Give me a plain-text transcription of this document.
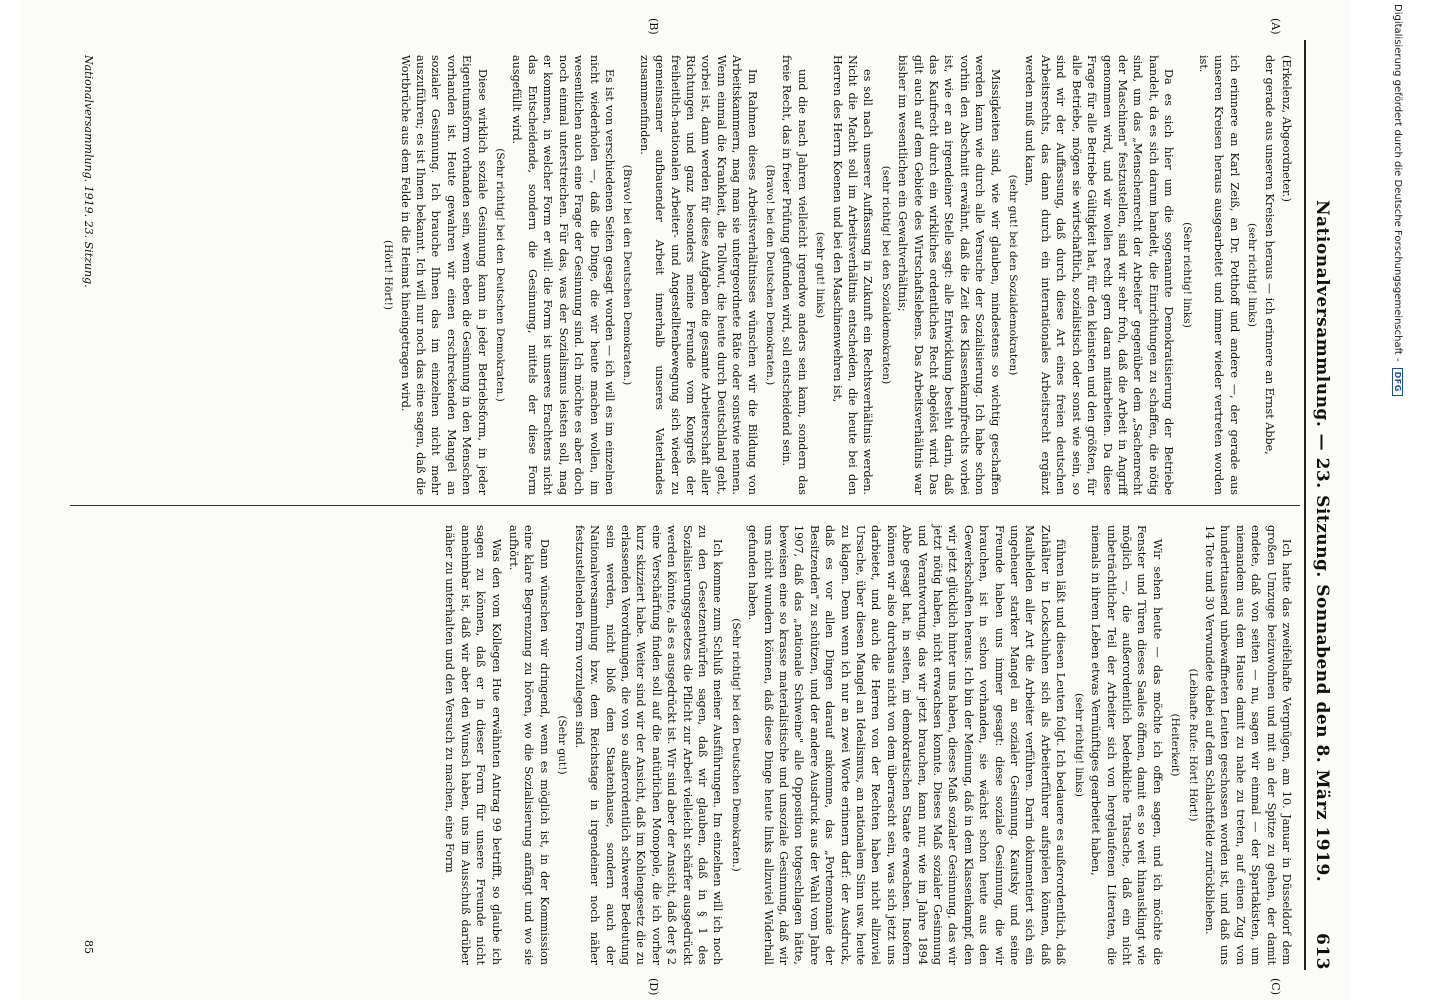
Nationalversammlung. — 23. Sitzung. Sonnabend den 8. März 1919.
613
(A)
(B)
(C)
(D)

(Erkelenz, Abgeordneter.)

der gerade aus unseren Kreisen heraus — ich erinnere an Ernst Abbe,

(sehr richtig! links)

ich erinnere an Karl Zeiß, an Dr. Potthoff und andere —, der gerade aus unseren Kreisen heraus ausgearbeitet und immer wieder vertreten worden ist.

(Sehr richtig! links)

Da es sich hier um die sogenannte Demokratisierung der Betriebe handelt, da es sich darum handelt, die Einrichtungen zu schaffen, die nötig sind, um das „Menschenrecht der Arbeiter" gegenüber dem „Sachenrecht der Maschinen" festzustellen, sind wir sehr froh, daß die Arbeit in Angriff genommen wird, und wir wollen recht gern daran mitarbeiten. Da diese Frage für alle Betriebe Gültigkeit hat, für den kleinsten und den größten, für alle Betriebe, mögen sie wirtschaftlich, sozialistisch oder sonst wie sein, so sind wir der Auffassung, daß durch diese Art eines freien deutschen Arbeitsrechts, das dann durch ein internationales Arbeitsrecht ergänzt werden muß und kann,

(sehr gut! bei den Sozialdemokraten)

Missigkeiten sind, wie wir glauben, mindestens so wichtig geschaffen werden kann wie durch alle Versuche der Sozialisierung. Ich habe schon vorhin den Abschnitt erwähnt, daß die Zeit des Klassenkampfrechts vorbei ist, wie er an irgendeiner Stelle sagt: alle Entwicklung besteht darin, daß das Kaufrecht durch ein wirkliches ordentliches Recht abgelöst wird. Das gilt auch auf dem Gebiete des Wirtschaftslebens. Das Arbeitsverhältnis war bisher im wesentlichen ein Gewaltverhältnis;

(sehr richtig! bei den Sozialdemokraten)

es soll nach unserer Auffassung in Zukunft ein Rechtsverhältnis werden. Nicht die Macht soll im Arbeitsverhältnis entscheiden, die heute bei den Herren des Herrn Koenen und bei den Maschinenwehren ist,

(sehr gut! links)

und die nach Jahren vielleicht irgendwo anders sein kann, sondern das freie Recht, das in freier Prüfung gefunden wird, soll entscheidend sein.

(Bravo! bei den Deutschen Demokraten.)

Im Rahmen dieses Arbeitsverhältnisses wünschen wir die Bildung von Arbeitskammern, mag man sie untergeordnete Räte oder sonstwie nennen. Wenn einmal die Krankheit, die Tollwut, die heute durch Deutschland geht, vorbei ist, dann werden für diese Aufgaben die gesamte Arbeiterschaft aller Richtungen und ganz besonders meine Freunde vom Kongreß der freiheitlich-nationalen Arbeiter- und Angestelltenbewegung sich wieder zu gemeinsamer aufbauender Arbeit innerhalb unseres Vaterlandes zusammenfinden.

(Bravo! bei den Deutschen Demokraten.)

Es ist von verschiedenen Seiten gesagt worden — ich will es im einzelnen nicht wiederholen —, daß die Dinge, die wir heute machen wollen, im wesentlichen auch eine Frage der Gesinnung sind. Ich möchte es aber doch noch einmal unterstreichen. Für das, was der Sozialismus leisten soll, mag er kommen, in welcher Form er will: die Form ist unseres Erachtens nicht das Entscheidende, sondern die Gesinnung, mittels der diese Form ausgefüllt wird.

(Sehr richtig! bei den Deutschen Demokraten.)

Diese wirklich soziale Gesinnung kann in jeder Betriebsform, in jeder Eigentumsform vorhanden sein, wenn eben die Gesinnung in den Menschen vorhanden ist. Heute gewahren wir einen erschreckenden Mangel an sozialer Gesinnung. Ich brauche Ihnen das im einzelnen nicht mehr auszuführen; es ist Ihnen bekannt. Ich will nur noch das eine sagen, daß die Wortbrüche aus dem Felde in die Heimat hineingetragen wird.

(Hört! Hört!)

Ich hatte das zweifelhafte Vergnügen, am 10. Januar in Düsseldorf dem großen Umzuge beizuwohnen und mit an der Spitze zu gehen, der damit endete, daß von seiten — nu, sagen wir einmal — der Spartakisten, um niemandem aus dem Hause damit zu nahe zu treten, auf einen Zug von hunderttausend unbewaffneten Leuten geschossen worden ist, und daß uns 14 Tote und 30 Verwundete dabei auf dem Schlachtfelde zurückblieben.

(Lebhafte Rufe: Hört! Hört!)

(Heiterkeit)

Wir sehen heute — das möchte ich offen sagen, und ich möchte die Fenster und Türen dieses Saales öffnen, damit es so weit hinausklingt wie möglich —, die außerordentlich bedenkliche Tatsache, daß ein nicht unbeträchtlicher Teil der Arbeiter sich von hergelaufenen Literaten, die niemals in ihrem Leben etwas Vernünftiges gearbeitet haben,

(sehr richtig! links)

führen läßt und diesen Leuten folgt. Ich bedauere es außerordentlich, daß Zuhälter in Lockschuhen sich als Arbeiterführer aufspielen können, daß Maulhelden aller Art die Arbeiter verführen. Darin dokumentiert sich ein ungeheuer starker Mangel an sozialer Gesinnung. Kautsky und seine Freunde haben uns immer gesagt: diese soziale Gesinnung, die wir brauchen, ist in schon vorhanden, sie wächst schon heute aus den Gewerkschaften heraus. Ich bin der Meinung, daß in dem Klassenkampf, den wir jetzt glücklich hinter uns haben, dieses Maß sozialer Gesinnung, das wir jetzt nötig haben, nicht erwachsen konnte. Dieses Maß sozialer Gesinnung und Verantwortung, das wir jetzt brauchen, kann nur, wie im Jahre 1894 Abbe gesagt hat, in seiten, im demokratischen Staate erwachsen. Insofern können wir also durchaus nicht von dem überrascht sein, was sich jetzt uns darbietet, und auch die Herren von der Rechten haben nicht allzuviel Ursache, über diesen Mangel an Idealismus, an nationalem Sinn usw. heute zu klagen. Denn wenn ich nur an zwei Worte erinnern darf: der Ausdruck, daß es vor allen Dingen darauf ankomme, das „Portemonnaie der Besitzenden" zu schützen, und der andere Ausdruck aus der Wahl vom Jahre 1907, daß das „nationale Schweine" alle Opposition totgeschlagen hätte, beweisen eine so krasse materialistische und unsoziale Gesinnung, daß wir uns nicht wundern können, daß diese Dinge heute links allzuviel Widerhall gefunden haben.

(Sehr richtig! bei den Deutschen Demokraten.)

Ich komme zum Schluß meiner Ausführungen. Im einzelnen will ich noch zu den Gesetzentwürfen sagen, daß wir glauben, daß in § 1 des Sozialisierungsgesetzes die Pflicht zur Arbeit vielleicht schärfer ausgedrückt werden könnte, als es ausgedrückt ist. Wir sind aber der Ansicht, daß der § 2 eine Verschärfung finden soll auf die natürlichen Monopole, die ich vorher kurz skizziert habe. Weiter sind wir der Ansicht, daß im Kohlengesetz die zu erlassenden Verordnungen, die von so außerordentlich schwerer Bedeutung sein werden, nicht bloß dem Staatenhause, sondern auch der Nationalversammlung bzw. dem Reichstage in irgendeiner noch näher festzustellenden Form vorzulegen sind.

(Sehr gut!)

Dann wünschen wir dringend, wenn es möglich ist, in der Kommission eine klare Begrenzung zu hören, wo die Sozialisierung anfängt und wo sie aufhört.

Was den vom Kollegen Hue erwähnten Antrag 99 betrifft, so glaube ich sagen zu können, daß er in dieser Form für unsere Freunde nicht annehmbar ist, daß wir aber den Wunsch haben, uns im Ausschuß darüber näher zu unterhalten und den Versuch zu machen, eine Form

Nationalversammlung. 1919. 23. Sitzung.
85
Digitalisierung gefördert durch die Deutsche Forschungsgemeinschaft -
DFG
